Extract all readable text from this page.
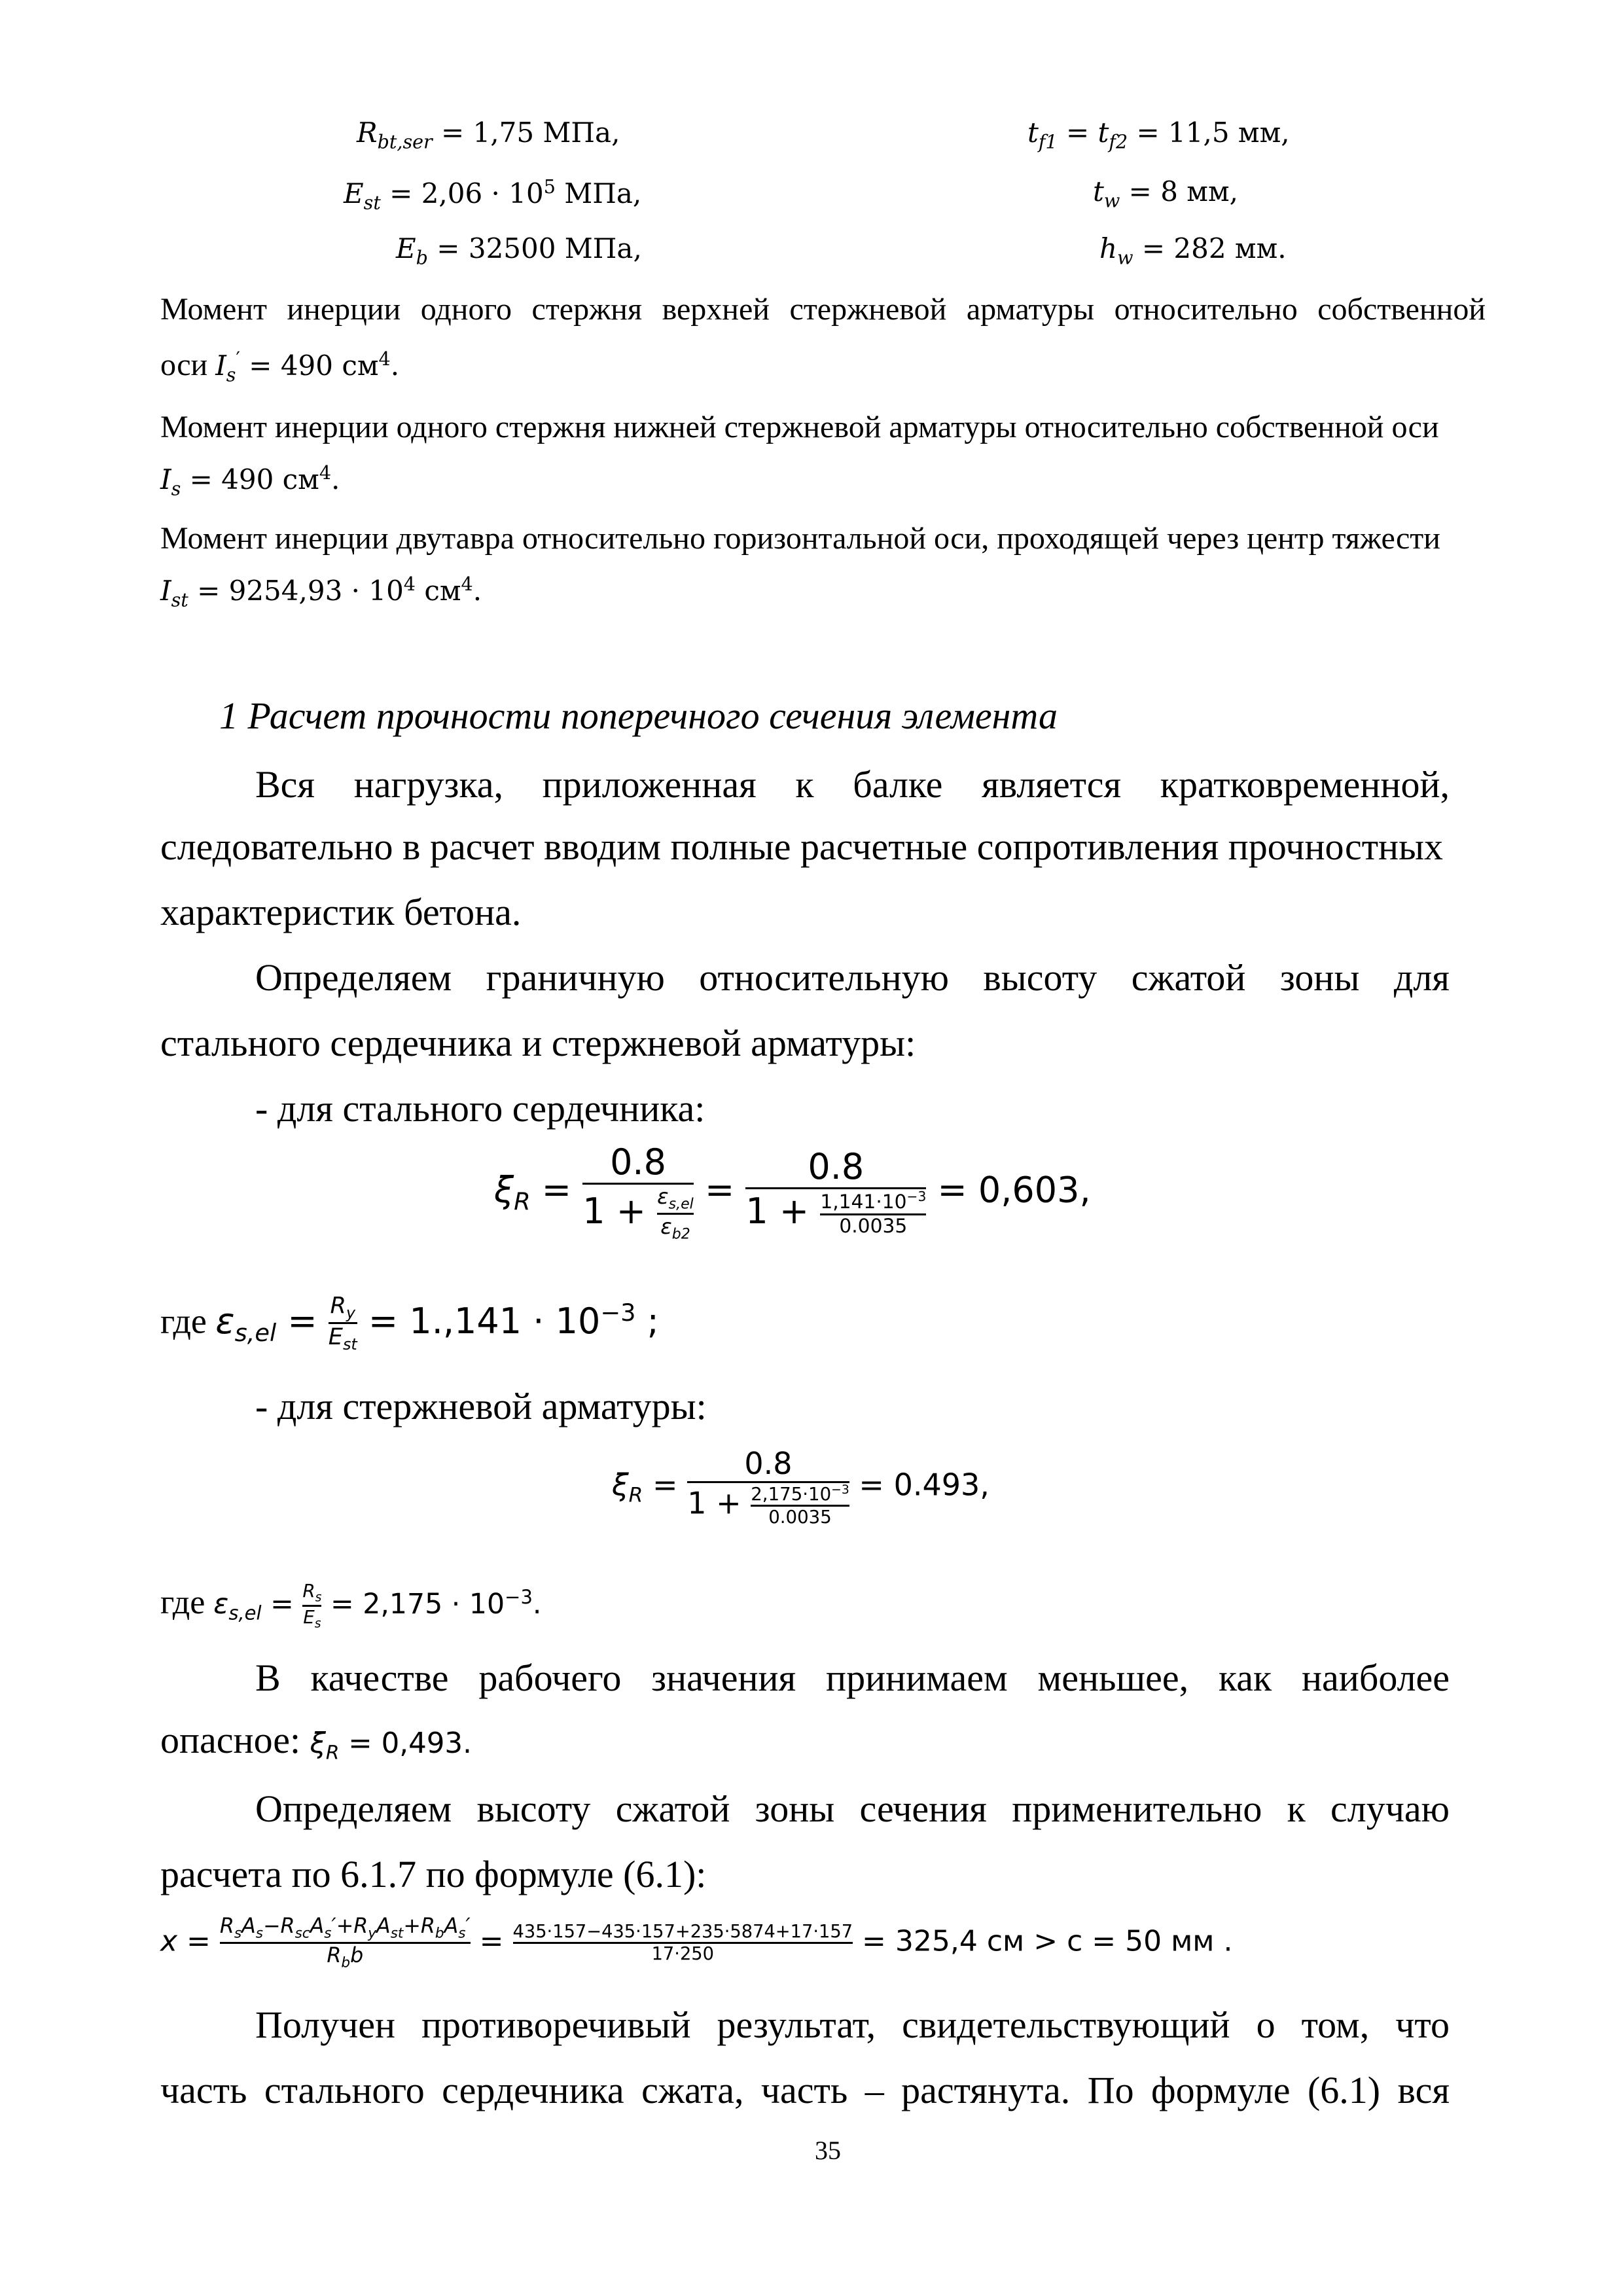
$R_{bt,ser} = 1,75$ МПа,
$E_{st} = 2,06 \cdot 10^5$ МПа,
$E_b = 32500$ МПа,
$t_{f1} = t_{f2} = 11,5$ мм,
$t_w = 8$ мм,
$h_w = 282$ мм.
Момент инерции одного стержня верхней стержневой арматуры относительно собственной
оси $I_s' = 490$ $см^4$.
Момент инерции одного стержня нижней стержневой арматуры относительно собственной оси
$I_s = 490$ $см^4$.
Момент инерции двутавра относительно горизонтальной оси, проходящей через центр тяжести
$I_{st} = 9254,93 \cdot 10^4$ $см^4$.
1 Расчет прочности поперечного сечения элемента
Вся нагрузка, приложенная к балке является кратковременной,
следовательно в расчет вводим полные расчетные сопротивления прочностных
характеристик бетона.
Определяем граничную относительную высоту сжатой зоны для
стального сердечника и стержневой арматуры:
- для стального сердечника:
$\xi_R = \frac{0.8}{1 + \frac{\varepsilon_{s,el}}{\varepsilon_{b2}}} = \frac{0.8}{1 + \frac{1,141\cdot 10^{-3}}{0.0035}} = 0,603$,
где $\varepsilon_{s,el} = \frac{R_y}{E_{st}} = 1.,141 \cdot 10^{-3}$ ;
- для стержневой арматуры:
$\xi_R = \frac{0.8}{1 + \frac{2,175\cdot 10^{-3}}{0.0035}} = 0.493$,
где $\varepsilon_{s,el} = \frac{R_s}{E_s} = 2,175 \cdot 10^{-3}$.
В качестве рабочего значения принимаем меньшее, как наиболее
опасное: $\xi_R = 0,493$.
Определяем высоту сжатой зоны сечения применительно к случаю
расчета по 6.1.7 по формуле (6.1):
$x = \frac{R_sA_s-R_{sc}A_s'+R_yA_{st}+R_bA_s'}{R_bb} = \frac{435\cdot 157-435\cdot 157+235\cdot 5874+17\cdot 157}{17\cdot 250} = 325,4$ см > с = 50 мм .
Получен противоречивый результат, свидетельствующий о том, что
часть стального сердечника сжата, часть – растянута. По формуле (6.1) вся
35
